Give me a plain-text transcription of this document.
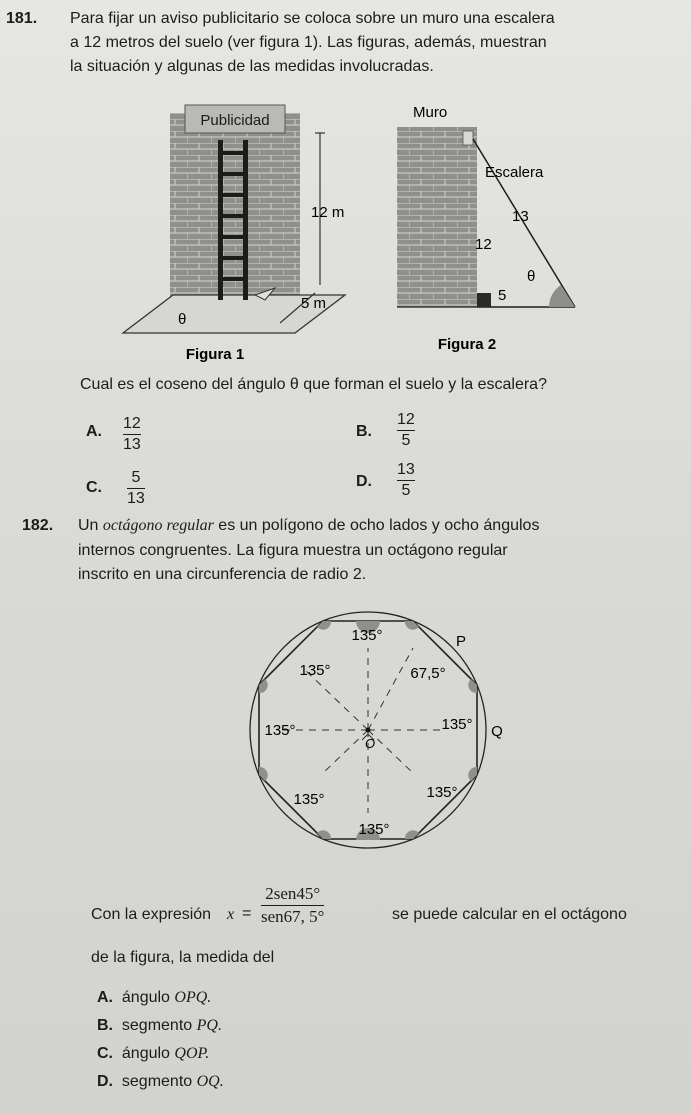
181. Para fijar un aviso publicitario se coloca sobre un muro una escalera
a 12 metros del suelo (ver figura 1). Las figuras, además, muestran
la situación y algunas de las medidas involucradas.
Publicidad
12 m
5 m
θ
Figura 1
Muro
Escalera
13
12
5
θ
Figura 2
Cual es el coseno del ángulo θ que forman el suelo y la escalera?
A. 12
13
B.
12
5
C.
5
13
D.
13
5
182. Un octágono regular es un polígono de ocho lados y ocho ángulos
internos congruentes. La figura muestra un octágono regular
inscrito en una circunferencia de radio 2.
O
135°
135°	67,5°
135°	135°
135°	135°
135°
P
Q
Con la expresión x =
2sen45°
sen67, 5°	se puede calcular en el octágono
de la figura, la medida del
A. ángulo OPQ.
B. segmento PQ.
C. ángulo QOP.
D. segmento OQ.
